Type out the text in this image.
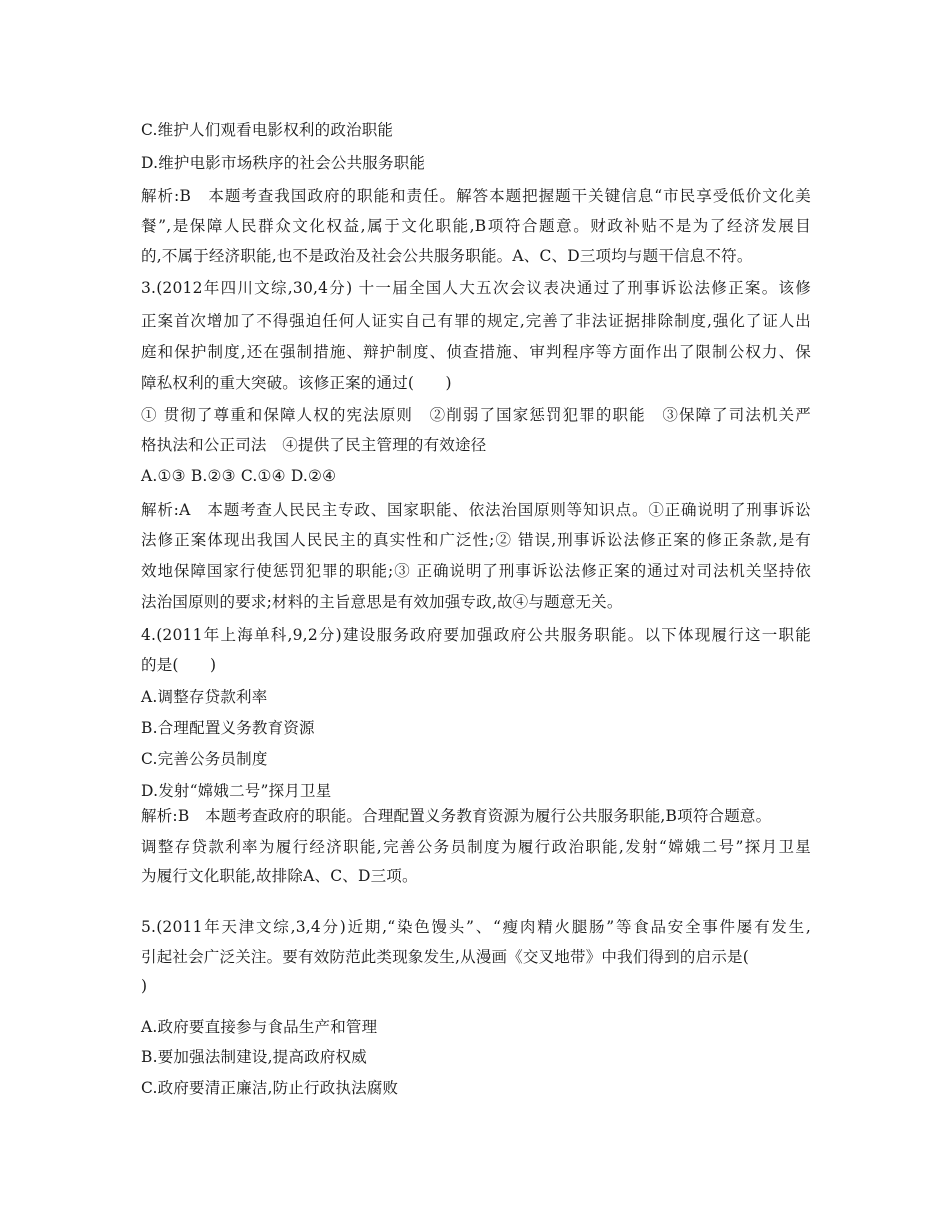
C.维护人们观看电影权利的政治职能
D.维护电影市场秩序的社会公共服务职能
解析:B　本题考查我国政府的职能和责任。解答本题把握题干关键信息“市民享受低价文化美
餐”,是保障人民群众文化权益,属于文化职能,B项符合题意。财政补贴不是为了经济发展目
的,不属于经济职能,也不是政治及社会公共服务职能。A、C、D三项均与题干信息不符。
3.(2012年四川文综,30,4分) 十一届全国人大五次会议表决通过了刑事诉讼法修正案。该修
正案首次增加了不得强迫任何人证实自己有罪的规定,完善了非法证据排除制度,强化了证人出
庭和保护制度,还在强制措施、辩护制度、侦查措施、审判程序等方面作出了限制公权力、保
障私权利的重大突破。该修正案的通过(　　)
① 贯彻了尊重和保障人权的宪法原则　②削弱了国家惩罚犯罪的职能　③保障了司法机关严
格执法和公正司法　④提供了民主管理的有效途径
A.①③ B.②③ C.①④ D.②④
解析:A　本题考查人民民主专政、国家职能、依法治国原则等知识点。①正确说明了刑事诉讼
法修正案体现出我国人民民主的真实性和广泛性;② 错误,刑事诉讼法修正案的修正条款,是有
效地保障国家行使惩罚犯罪的职能;③ 正确说明了刑事诉讼法修正案的通过对司法机关坚持依
法治国原则的要求;材料的主旨意思是有效加强专政,故④与题意无关。
4.(2011年上海单科,9,2分)建设服务政府要加强政府公共服务职能。以下体现履行这一职能
的是(　　)
A.调整存贷款利率
B.合理配置义务教育资源
C.完善公务员制度
D.发射“嫦娥二号”探月卫星
解析:B　本题考查政府的职能。合理配置义务教育资源为履行公共服务职能,B项符合题意。
调整存贷款利率为履行经济职能,完善公务员制度为履行政治职能,发射“嫦娥二号”探月卫星
为履行文化职能,故排除A、C、D三项。
5.(2011年天津文综,3,4分)近期,“染色馒头”、“瘦肉精火腿肠”等食品安全事件屡有发生,
引起社会广泛关注。要有效防范此类现象发生,从漫画《交叉地带》中我们得到的启示是(
)
A.政府要直接参与食品生产和管理
B.要加强法制建设,提高政府权威
C.政府要清正廉洁,防止行政执法腐败
